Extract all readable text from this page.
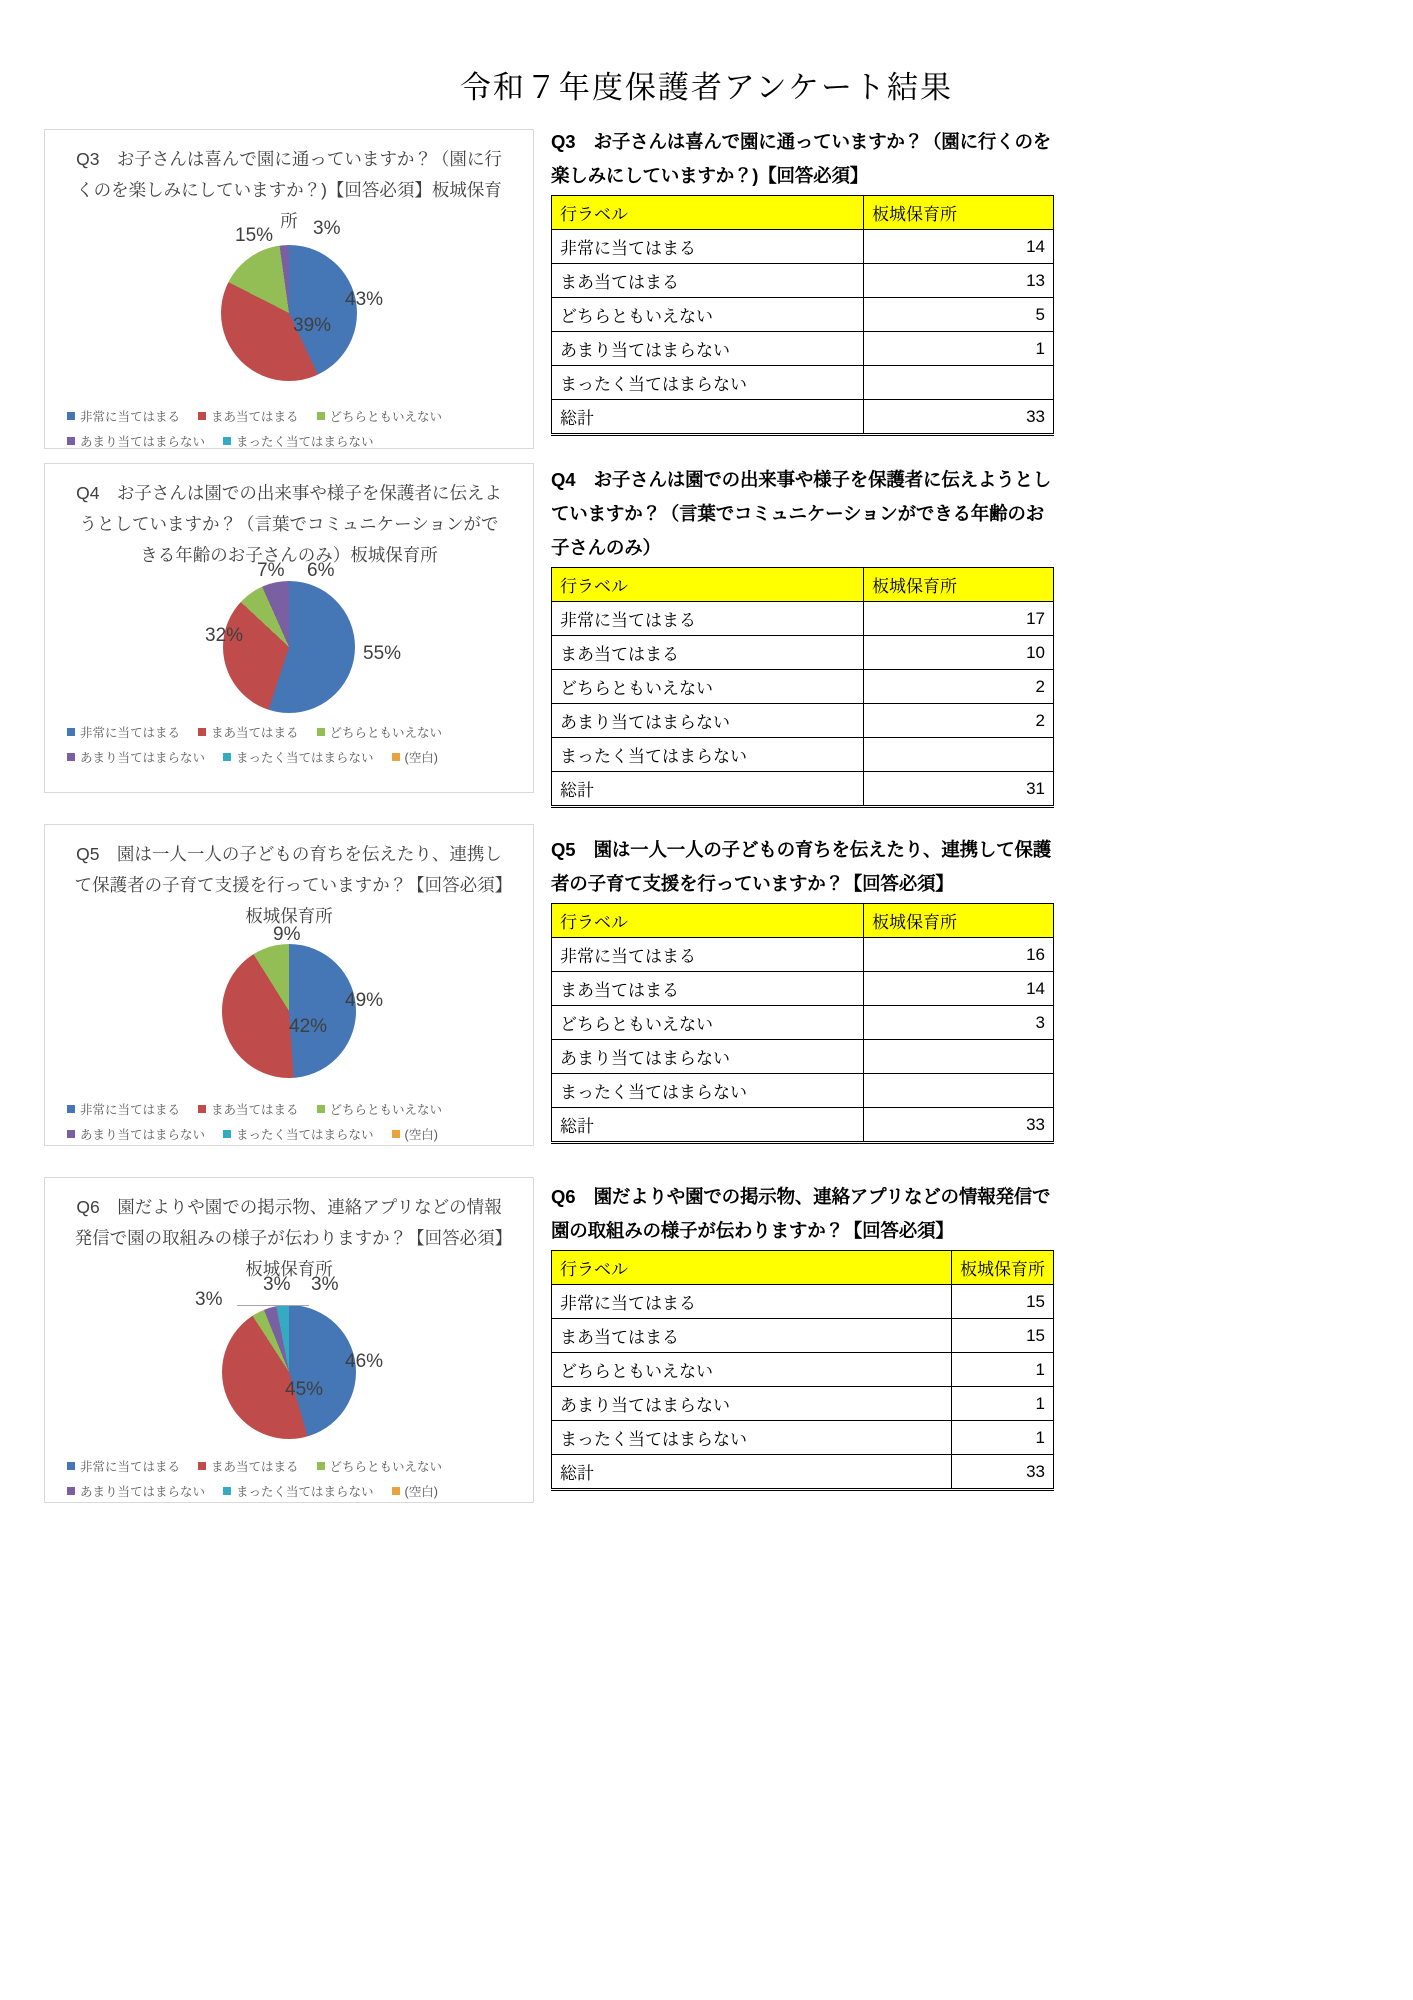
令和７年度保護者アンケート結果
Q3　お子さんは喜んで園に通っていますか？（園に行くのを楽しみにしていますか？)【回答必須】板城保育所
43%
39%
15% 3%
非常に当てはまる まあ当てはまる どちらともいえない
あまり当てはまらない まったく当てはまらない
Q3　お子さんは喜んで園に通っていますか？（園に行くのを楽しみにしていますか？)【回答必須】
行ラベル	板城保育所
非常に当てはまる	14
まあ当てはまる	13
どちらともいえない	5
あまり当てはまらない	1
まったく当てはまらない	
総計	33
Q4　お子さんは園での出来事や様子を保護者に伝えようとしていますか？（言葉でコミュニケーションができる年齢のお子さんのみ）板城保育所
55%
32%
7% 6%
非常に当てはまる まあ当てはまる どちらともいえない
あまり当てはまらない まったく当てはまらない (空白)
Q4　お子さんは園での出来事や様子を保護者に伝えようとしていますか？（言葉でコミュニケーションができる年齢のお子さんのみ）
行ラベル	板城保育所
非常に当てはまる	17
まあ当てはまる	10
どちらともいえない	2
あまり当てはまらない	2
まったく当てはまらない	
総計	31
Q5　園は一人一人の子どもの育ちを伝えたり、連携して保護者の子育て支援を行っていますか？【回答必須】板城保育所
49%
42%
9%
非常に当てはまる まあ当てはまる どちらともいえない
あまり当てはまらない まったく当てはまらない (空白)
Q5　園は一人一人の子どもの育ちを伝えたり、連携して保護者の子育て支援を行っていますか？【回答必須】
行ラベル	板城保育所
非常に当てはまる	16
まあ当てはまる	14
どちらともいえない	3
あまり当てはまらない	
まったく当てはまらない	
総計	33
Q6　園だよりや園での掲示物、連絡アプリなどの情報発信で園の取組みの様子が伝わりますか？【回答必須】板城保育所
46%
45%
3%
3% 3%
非常に当てはまる まあ当てはまる どちらともいえない
あまり当てはまらない まったく当てはまらない (空白)
Q6　園だよりや園での掲示物、連絡アプリなどの情報発信で園の取組みの様子が伝わりますか？【回答必須】
行ラベル	板城保育所
非常に当てはまる	15
まあ当てはまる	15
どちらともいえない	1
あまり当てはまらない	1
まったく当てはまらない	1
総計	33
